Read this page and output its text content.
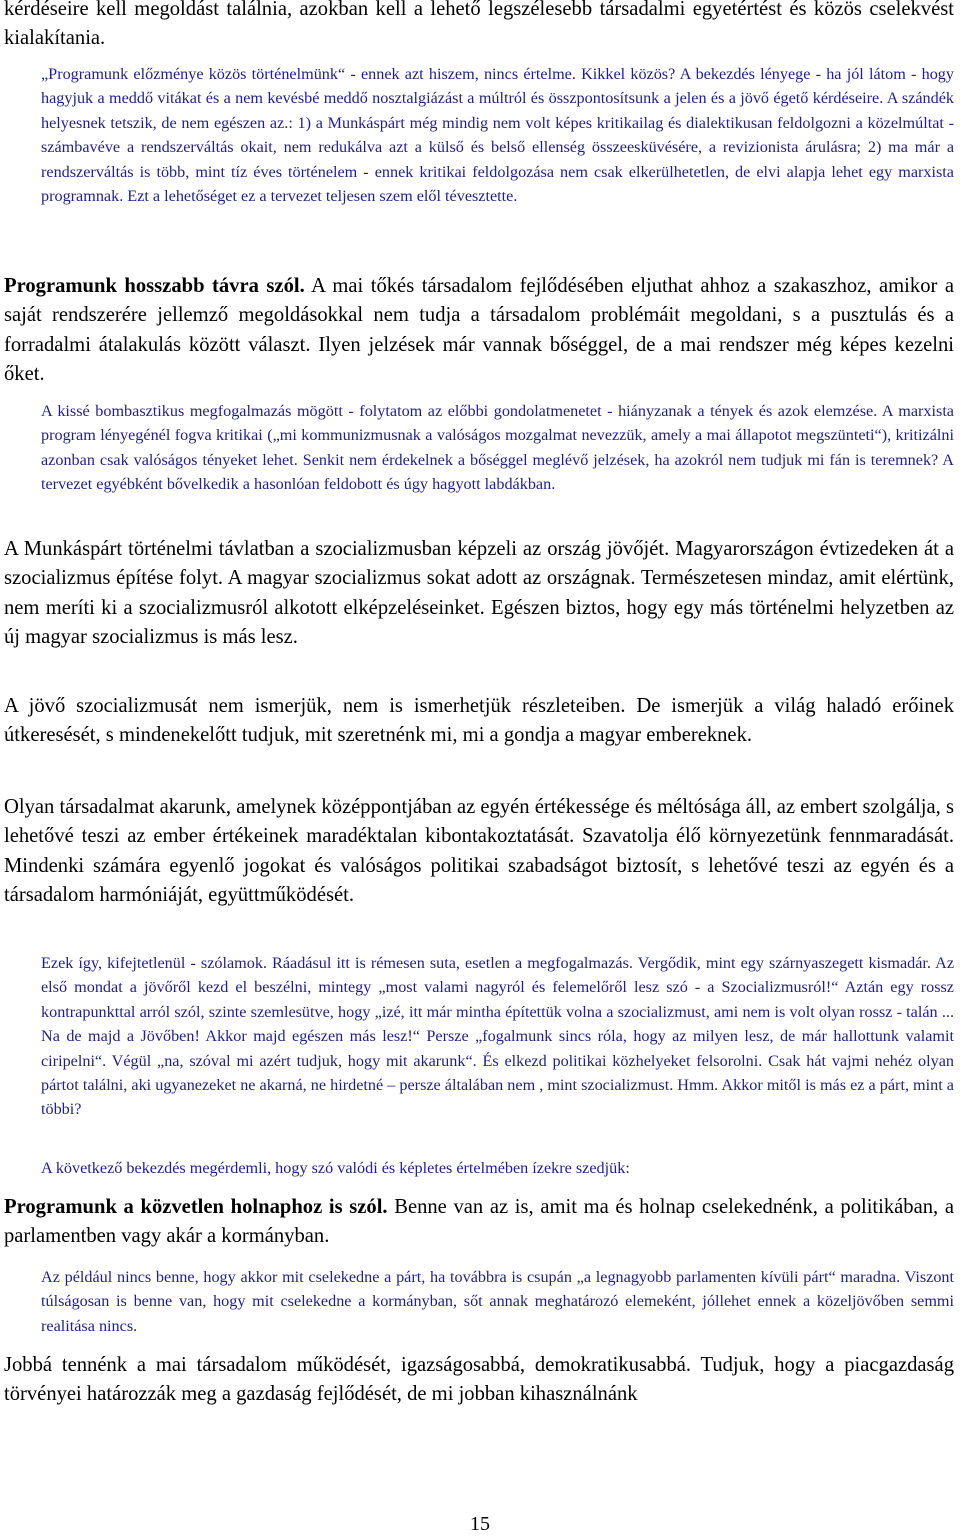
kérdéseire kell megoldást találnia, azokban kell a lehető legszélesebb társadalmi egyetértést és közös cselekvést kialakítania.

„Programunk előzménye közös történelmünk“ - ennek azt hiszem, nincs értelme. Kikkel közös? A bekezdés lényege - ha jól látom - hogy hagyjuk a meddő vitákat és a nem kevésbé meddő nosztalgiázást a múltról és összpontosítsunk a jelen és a jövő égető kérdéseire. A szándék helyesnek tetszik, de nem egészen az.: 1) a Munkáspárt még mindig nem volt képes kritikailag és dialektikusan feldolgozni a közelmúltat - számbavéve a rendszerváltás okait, nem redukálva azt a külső és belső ellenség összeesküvésére, a revizionista árulásra; 2) ma már a rendszerváltás is több, mint tíz éves történelem - ennek kritikai feldolgozása nem csak elkerülhetetlen, de elvi alapja lehet egy marxista programnak. Ezt a lehetőséget ez a tervezet teljesen szem elől tévesztette.

Programunk hosszabb távra szól. A mai tőkés társadalom fejlődésében eljuthat ahhoz a szakaszhoz, amikor a saját rendszerére jellemző megoldásokkal nem tudja a társadalom problémáit megoldani, s a pusztulás és a forradalmi átalakulás között választ. Ilyen jelzések már vannak bőséggel, de a mai rendszer még képes kezelni őket.

A kissé bombasztikus megfogalmazás mögött - folytatom az előbbi gondolatmenetet - hiányzanak a tények és azok elemzése. A marxista program lényegénél fogva kritikai („mi kommunizmusnak a valóságos mozgalmat nevezzük, amely a mai állapotot megszünteti“), kritizálni azonban csak valóságos tényeket lehet. Senkit nem érdekelnek a bőséggel meglévő jelzések, ha azokról nem tudjuk mi fán is teremnek? A tervezet egyébként bővelkedik a hasonlóan feldobott és úgy hagyott labdákban.

A Munkáspárt történelmi távlatban a szocializmusban képzeli az ország jövőjét. Magyarországon évtizedeken át a szocializmus építése folyt. A magyar szocializmus sokat adott az országnak. Természetesen mindaz, amit elértünk, nem meríti ki a szocializmusról alkotott elképzeléseinket. Egészen biztos, hogy egy más történelmi helyzetben az új magyar szocializmus is más lesz.

A jövő szocializmusát nem ismerjük, nem is ismerhetjük részleteiben. De ismerjük a világ haladó erőinek útkeresését, s mindenekelőtt tudjuk, mit szeretnénk mi, mi a gondja a magyar embereknek.

Olyan társadalmat akarunk, amelynek középpontjában az egyén értékessége és méltósága áll, az embert szolgálja, s lehetővé teszi az ember értékeinek maradéktalan kibontakoztatását. Szavatolja élő környezetünk fennmaradását. Mindenki számára egyenlő jogokat és valóságos politikai szabadságot biztosít, s lehetővé teszi az egyén és a társadalom harmóniáját, együttműködését.

Ezek így, kifejtetlenül - szólamok. Ráadásul itt is rémesen suta, esetlen a megfogalmazás. Vergődik, mint egy szárnyaszegett kismadár. Az első mondat a jövőről kezd el beszélni, mintegy „most valami nagyról és felemelőről lesz szó - a Szocializmusról!“ Aztán egy rossz kontrapunkttal arról szól, szinte szemlesütve, hogy „izé, itt már mintha építettük volna a szocializmust, ami nem is volt olyan rossz - talán ... Na de majd a Jövőben! Akkor majd egészen más lesz!“ Persze „fogalmunk sincs róla, hogy az milyen lesz, de már hallottunk valamit ciripelni“. Végül „na, szóval mi azért tudjuk, hogy mit akarunk“. És elkezd politikai közhelyeket felsorolni. Csak hát vajmi nehéz olyan pártot találni, aki ugyanezeket ne akarná, ne hirdetné – persze általában nem , mint szocializmust. Hmm. Akkor mitől is más ez a párt, mint a többi?

A következő bekezdés megérdemli, hogy szó valódi és képletes értelmében ízekre szedjük:

Programunk a közvetlen holnaphoz is szól. Benne van az is, amit ma és holnap cselekednénk, a politikában, a parlamentben vagy akár a kormányban.

Az például nincs benne, hogy akkor mit cselekedne a párt, ha továbbra is csupán „a legnagyobb parlamenten kívüli párt“ maradna. Viszont túlságosan is benne van, hogy mit cselekedne a kormányban, sőt annak meghatározó elemeként, jóllehet ennek a közeljövőben semmi realitása nincs.

Jobbá tennénk a mai társadalom működését, igazságosabbá, demokratikusabbá. Tudjuk, hogy a piacgazdaság törvényei határozzák meg a gazdaság fejlődését, de mi jobban kihasználnánk

15
